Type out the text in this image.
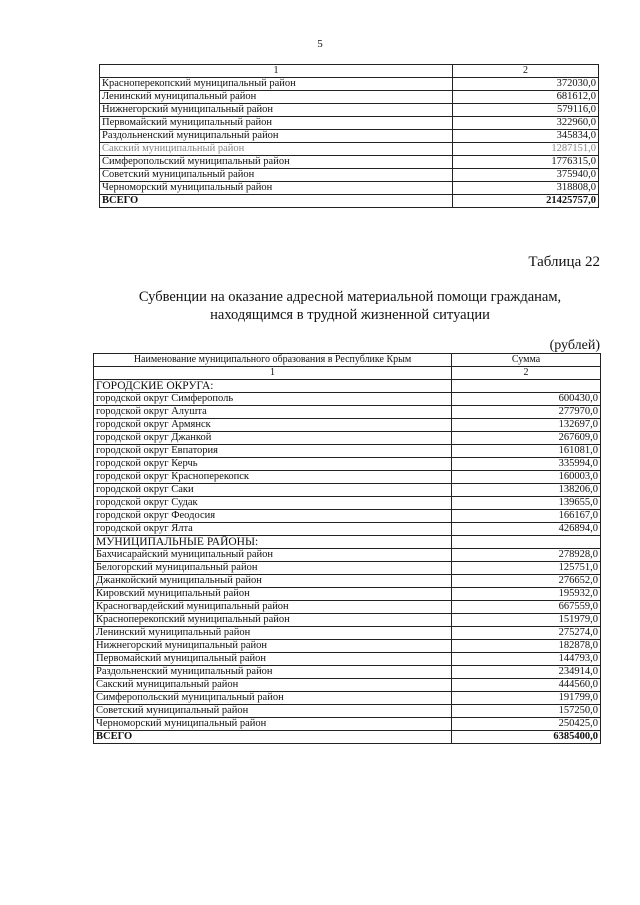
5
1	2
Красноперекопский муниципальный район	372030,0
Ленинский муниципальный район	681612,0
Нижнегорский муниципальный район	579116,0
Первомайский муниципальный район	322960,0
Раздольненский муниципальный район	345834,0
Сакский муниципальный район	1287151,0
Симферопольский муниципальный район	1776315,0
Советский муниципальный район	375940,0
Черноморский муниципальный район	318808,0
ВСЕГО	21425757,0
Таблица 22
Субвенции на оказание адресной материальной помощи гражданам,
находящимся в трудной жизненной ситуации
(рублей)
Наименование муниципального образования в Республике Крым	Сумма
1	2
ГОРОДСКИЕ ОКРУГА:	
городской округ Симферополь	600430,0
городской округ Алушта	277970,0
городской округ Армянск	132697,0
городской округ Джанкой	267609,0
городской округ Евпатория	161081,0
городской округ Керчь	335994,0
городской округ Красноперекопск	160003,0
городской округ Саки	138206,0
городской округ Судак	139655,0
городской округ Феодосия	166167,0
городской округ Ялта	426894,0
МУНИЦИПАЛЬНЫЕ РАЙОНЫ:	
Бахчисарайский муниципальный район	278928,0
Белогорский муниципальный район	125751,0
Джанкойский муниципальный район	276652,0
Кировский муниципальный район	195932,0
Красногвардейский муниципальный район	667559,0
Красноперекопский муниципальный район	151979,0
Ленинский муниципальный район	275274,0
Нижнегорский муниципальный район	182878,0
Первомайский муниципальный район	144793,0
Раздольненский муниципальный район	234914,0
Сакский муниципальный район	444560,0
Симферопольский муниципальный район	191799,0
Советский муниципальный район	157250,0
Черноморский муниципальный район	250425,0
ВСЕГО	6385400,0
